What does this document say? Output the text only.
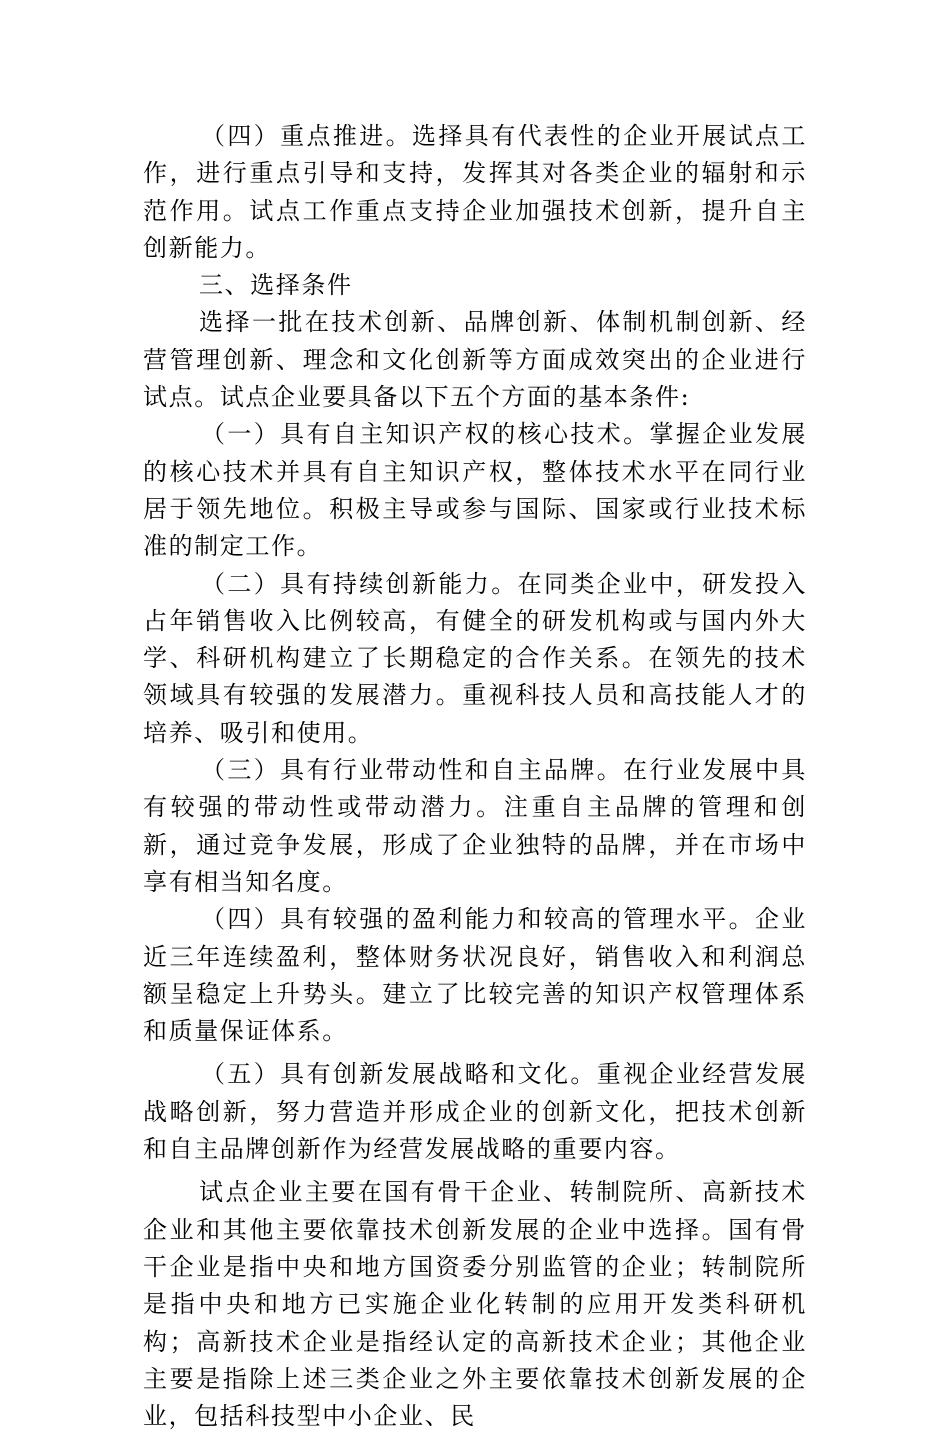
（四）重点推进。选择具有代表性的企业开展试点工作，进行重点引导和支持，发挥其对各类企业的辐射和示范作用。试点工作重点支持企业加强技术创新，提升自主创新能力。

三、选择条件

选择一批在技术创新、品牌创新、体制机制创新、经营管理创新、理念和文化创新等方面成效突出的企业进行试点。试点企业要具备以下五个方面的基本条件:

（一）具有自主知识产权的核心技术。掌握企业发展的核心技术并具有自主知识产权，整体技术水平在同行业居于领先地位。积极主导或参与国际、国家或行业技术标准的制定工作。

（二）具有持续创新能力。在同类企业中，研发投入占年销售收入比例较高，有健全的研发机构或与国内外大学、科研机构建立了长期稳定的合作关系。在领先的技术领域具有较强的发展潜力。重视科技人员和高技能人才的培养、吸引和使用。

（三）具有行业带动性和自主品牌。在行业发展中具有较强的带动性或带动潜力。注重自主品牌的管理和创新，通过竞争发展，形成了企业独特的品牌，并在市场中享有相当知名度。

（四）具有较强的盈利能力和较高的管理水平。企业近三年连续盈利，整体财务状况良好，销售收入和利润总额呈稳定上升势头。建立了比较完善的知识产权管理体系和质量保证体系。

（五）具有创新发展战略和文化。重视企业经营发展战略创新，努力营造并形成企业的创新文化，把技术创新和自主品牌创新作为经营发展战略的重要内容。

试点企业主要在国有骨干企业、转制院所、高新技术企业和其他主要依靠技术创新发展的企业中选择。国有骨干企业是指中央和地方国资委分别监管的企业；转制院所是指中央和地方已实施企业化转制的应用开发类科研机构；高新技术企业是指经认定的高新技术企业；其他企业主要是指除上述三类企业之外主要依靠技术创新发展的企业，包括科技型中小企业、民
